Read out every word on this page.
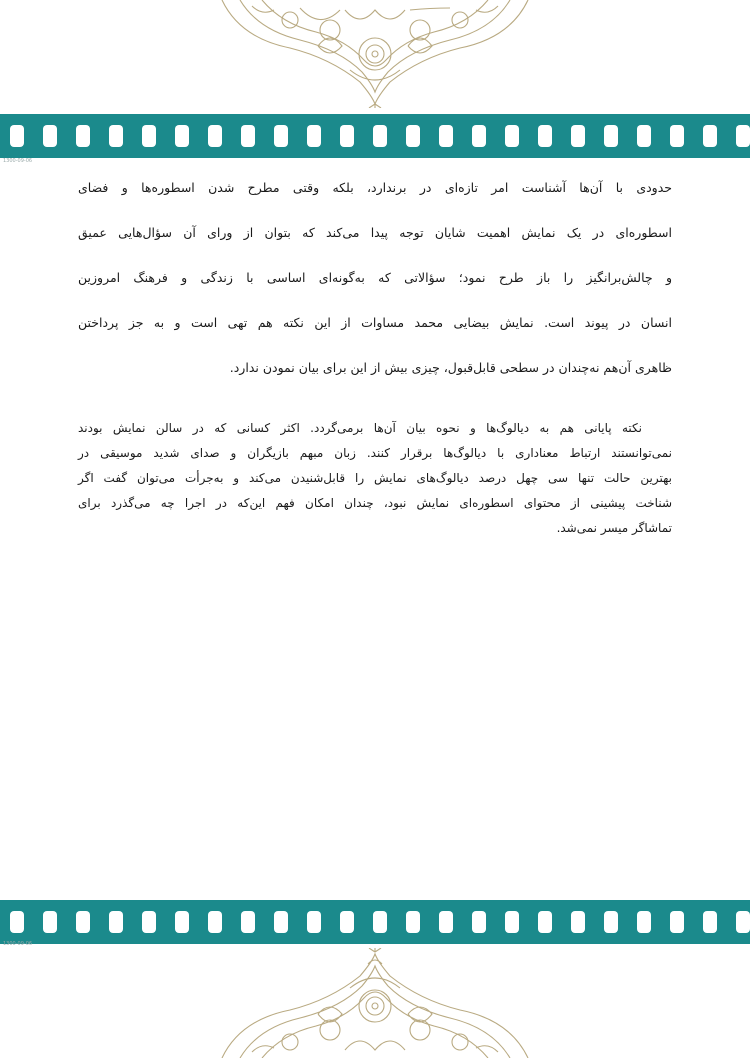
1300-09-06

حدودی با آن‌ها آشناست امر تازه‌ای در برندارد، بلکه وقتی مطرح شدن اسطوره‌ها و فضای

اسطوره‌ای در یک نمایش اهمیت شایان توجه پیدا می‌کند که بتوان از ورای آن سؤال‌هایی عمیق

و چالش‌برانگیز را باز طرح نمود؛ سؤالاتی که به‌گونه‌ای اساسی با زندگی و فرهنگ امروزین

انسان در پیوند است. نمایش بیضایی محمد مساوات از این نکته هم تهی است و به جز پرداختن

ظاهری آن‌هم نه‌چندان در سطحی قابل‌قبول، چیزی بیش از این برای بیان نمودن ندارد.

نکته پایانی هم به دیالوگ‌ها و نحوه بیان آن‌ها برمی‌گردد. اکثر کسانی که در سالن نمایش بودند

نمی‌توانستند ارتباط معناداری با دیالوگ‌ها برقرار کنند. زبان مبهم بازیگران و صدای شدید موسیقی در

بهترین حالت تنها سی چهل درصد دیالوگ‌های نمایش را قابل‌شنیدن می‌کند و به‌جرأت می‌توان گفت اگر

شناخت پیشینی از محتوای اسطوره‌ای نمایش نبود، چندان امکان فهم این‌که در اجرا چه می‌گذرد برای

تماشاگر میسر نمی‌شد.

1300-09-06
